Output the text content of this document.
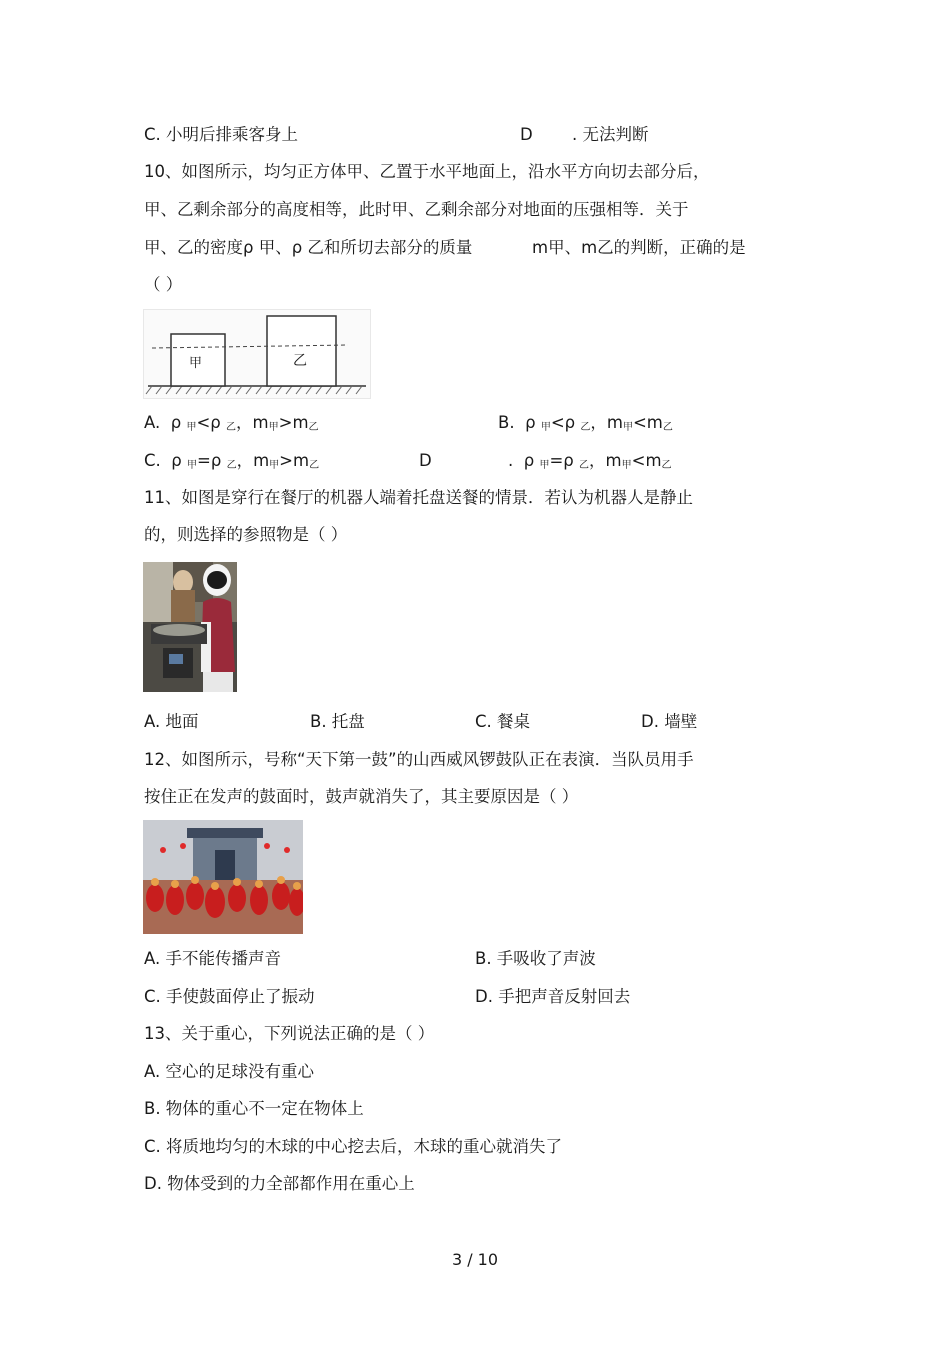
C. 小明后排乘客身上	D . 无法判断
10、如图所示，均匀正方体甲、乙置于水平地面上，沿水平方向切去部分后，
甲、乙剩余部分的高度相等，此时甲、乙剩余部分对地面的压强相等．关于
甲、乙的密度ρ 甲、ρ 乙和所切去部分的质量	m甲、m乙的判断，正确的是
（ ）
甲	乙
A. ρ $_甲$<ρ $_乙$，$m_甲>m_乙$	B. ρ $_甲$<ρ $_乙$，$m_甲<m_乙$
C. ρ $_甲$=ρ $_乙$，$m_甲>m_乙$	D	. ρ $_甲$=ρ $_乙$，$m_甲<m_乙$
11、如图是穿行在餐厅的机器人端着托盘送餐的情景．若认为机器人是静止
的，则选择的参照物是（ ）
A. 地面	B. 托盘	C. 餐桌	D. 墙壁
12、如图所示，号称“天下第一鼓”的山西威风锣鼓队正在表演．当队员用手
按住正在发声的鼓面时，鼓声就消失了，其主要原因是（ ）
A. 手不能传播声音	B. 手吸收了声波
C. 手使鼓面停止了振动	D. 手把声音反射回去
13、关于重心，下列说法正确的是（ ）
A. 空心的足球没有重心
B. 物体的重心不一定在物体上
C. 将质地均匀的木球的中心挖去后，木球的重心就消失了
D. 物体受到的力全部都作用在重心上
3 / 10
